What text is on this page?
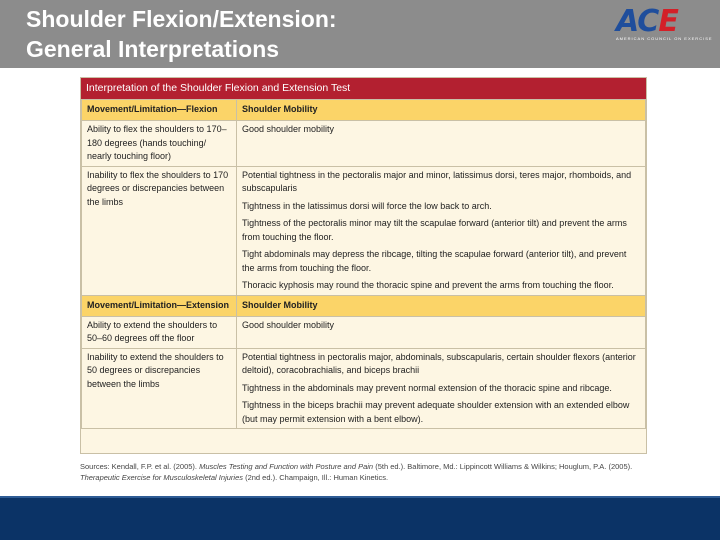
Shoulder Flexion/Extension:
General Interpretations
ACE
AMERICAN COUNCIL ON EXERCISE
Interpretation of the Shoulder Flexion and Extension Test
Movement/Limitation—Flexion	Shoulder Mobility
Ability to flex the shoulders to 170–180 degrees (hands touching/ nearly touching floor)	Good shoulder mobility
Inability to flex the shoulders to 170 degrees or discrepancies between the limbs	Potential tightness in the pectoralis major and minor, latissimus dorsi, teres major, rhomboids, and subscapularis

Tightness in the latissimus dorsi will force the low back to arch.

Tightness of the pectoralis minor may tilt the scapulae forward (anterior tilt) and prevent the arms from touching the floor.

Tight abdominals may depress the ribcage, tilting the scapulae forward (anterior tilt), and prevent the arms from touching the floor.

Thoracic kyphosis may round the thoracic spine and prevent the arms from touching the floor.

Movement/Limitation—Extension	Shoulder Mobility
Ability to extend the shoulders to 50–60 degrees off the floor	Good shoulder mobility
Inability to extend the shoulders to 50 degrees or discrepancies between the limbs	Potential tightness in pectoralis major, abdominals, subscapularis, certain shoulder flexors (anterior deltoid), coracobrachialis, and biceps brachii

Tightness in the abdominals may prevent normal extension of the thoracic spine and ribcage.

Tightness in the biceps brachii may prevent adequate shoulder extension with an extended elbow (but may permit extension with a bent elbow).

Sources: Kendall, F.P. et al. (2005). Muscles Testing and Function with Posture and Pain (5th ed.). Baltimore, Md.: Lippincott Williams & Wilkins; Houglum, P.A. (2005). Therapeutic Exercise for Musculoskeletal Injuries (2nd ed.). Champaign, Ill.: Human Kinetics.
